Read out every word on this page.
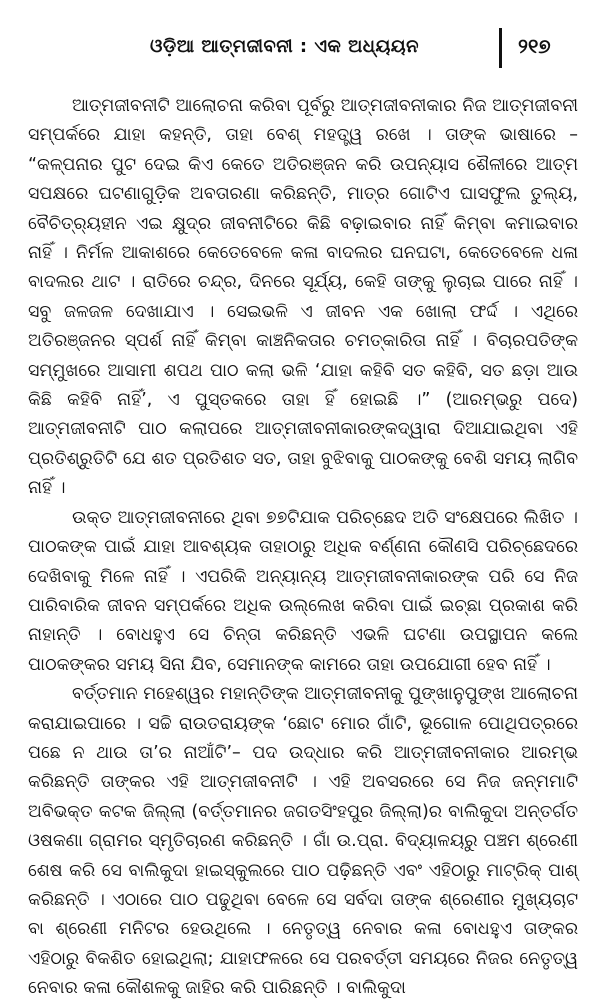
ଓଡ଼ିଆ ଆତ୍ମଜୀବନୀ : ଏକ ଅଧ୍ୟୟନ	୨୧୭

ଆତ୍ମଜୀବନୀଟି ଆଲୋଚନା କରିବା ପୂର୍ବରୁ ଆତ୍ମଜୀବନୀକାର ନିଜ ଆତ୍ମଜୀବନୀ ସମ୍ପର୍କରେ ଯାହା କହନ୍ତି, ତାହା ବେଶ୍ ମହତ୍ତ୍ୱ ରଖେ । ତାଙ୍କ ଭାଷାରେ – “କଳ୍ପନାର ପୁଟ ଦେଇ କିଏ କେତେ ଅତିରଞ୍ଜନ କରି ଉପନ୍ୟାସ ଶୈଳୀରେ ଆତ୍ମ ସପକ୍ଷରେ ଘଟଣାଗୁଡ଼ିକ ଅବତାରଣା କରିଛନ୍ତି, ମାତ୍ର ଗୋଟିଏ ଘାସଫୁଲ ତୁଲ୍ୟ, ବୈଚିତ୍ର୍ୟହୀନ ଏଇ କ୍ଷୁଦ୍ର ଜୀବନୀଟିରେ କିଛି ବଢ଼ାଇବାର ନାହିଁ କିମ୍ବା କମାଇବାର ନାହିଁ । ନିର୍ମଳ ଆକାଶରେ କେତେବେଳେ କଳା ବାଦଲର ଘନଘଟା, କେତେବେଳେ ଧଳା ବାଦଲର ଥାଟ । ରାତିରେ ଚନ୍ଦ୍ର, ଦିନରେ ସୂର୍ଯ୍ୟ, କେହି ତାଙ୍କୁ ଲୁଚାଇ ପାରେ ନାହିଁ । ସବୁ ଜଳଜଳ ଦେଖାଯାଏ । ସେଇଭଳି ଏ ଜୀବନ ଏକ ଖୋଲା ଫର୍ଦ୍ଦ । ଏଥିରେ ଅତିରଞ୍ଜନର ସ୍ପର୍ଶ ନାହିଁ କିମ୍ବା କାଞ୍ଚନିକତାର ଚମତ୍କାରିତା ନାହିଁ । ବିଚାରପତିଙ୍କ ସମ୍ମୁଖରେ ଆସାମୀ ଶପଥ ପାଠ କଲା ଭଳି ‘ଯାହା କହିବି ସତ କହିବି, ସତ ଛଡ଼ା ଆଉ କିଛି କହିବି ନାହିଁ’, ଏ ପୁସ୍ତକରେ ତାହା ହିଁ ହୋଇଛି ।” (ଆରମ୍ଭରୁ ପଦେ) ଆତ୍ମଜୀବନୀଟି ପାଠ କଲାପରେ ଆତ୍ମଜୀବନୀକାରଙ୍କଦ୍ୱାରା ଦିଆଯାଇଥିବା ଏହି ପ୍ରତିଶ୍ରୁତିଟି ଯେ ଶତ ପ୍ରତିଶତ ସତ, ତାହା ବୁଝିବାକୁ ପାଠକଙ୍କୁ ବେଶି ସମୟ ଲାଗିବ ନାହିଁ ।

ଉକ୍ତ ଆତ୍ମଜୀବନୀରେ ଥିବା ୭୭ଟିଯାକ ପରିଚ୍ଛେଦ ଅତି ସଂକ୍ଷେପରେ ଲିଖିତ । ପାଠକଙ୍କ ପାଇଁ ଯାହା ଆବଶ୍ୟକ ତାହାଠାରୁ ଅଧିକ ବର୍ଣ୍ଣନା କୌଣସି ପରିଚ୍ଛେଦରେ ଦେଖିବାକୁ ମିଳେ ନାହିଁ । ଏପରିକି ଅନ୍ୟାନ୍ୟ ଆତ୍ମଜୀବନୀକାରଙ୍କ ପରି ସେ ନିଜ ପାରିବାରିକ ଜୀବନ ସମ୍ପର୍କରେ ଅଧିକ ଉଲ୍ଲେଖ କରିବା ପାଇଁ ଇଚ୍ଛା ପ୍ରକାଶ କରି ନାହାନ୍ତି । ବୋଧହୁଏ ସେ ଚିନ୍ତା କରିଛନ୍ତି ଏଭଳି ଘଟଣା ଉପସ୍ଥାପନ କଲେ ପାଠକଙ୍କର ସମୟ ସିନା ଯିବ, ସେମାନଙ୍କ କାମରେ ତାହା ଉପଯୋଗୀ ହେବ ନାହିଁ ।

ବର୍ତ୍ତମାନ ମହେଶ୍ୱର ମହାନ୍ତିଙ୍କ ଆତ୍ମଜୀବନୀକୁ ପୁଙ୍ଖାନୁପୁଙ୍ଖ ଆଲୋଚନା କରାଯାଇପାରେ । ସଚ୍ଚି ରାଉତରାୟଙ୍କ ‘ଛୋଟ ମୋର ଗାଁଟି, ଭୂଗୋଳ ପୋଥିପତ୍ରରେ ପଛେ ନ ଥାଉ ତା’ର ନାଆଁଟି’– ପଦ ଉଦ୍ଧାର କରି ଆତ୍ମଜୀବନୀକାର ଆରମ୍ଭ କରିଛନ୍ତି ତାଙ୍କର ଏହି ଆତ୍ମଜୀବନୀଟି । ଏହି ଅବସରରେ ସେ ନିଜ ଜନ୍ମମାଟି ଅବିଭକ୍ତ କଟକ ଜିଲ୍ଲା (ବର୍ତ୍ତମାନର ଜଗତସିଂହପୁର ଜିଲ୍ଲା)ର ବାଲିକୁଦା ଅନ୍ତର୍ଗତ ଓଷକଣା ଗ୍ରାମର ସ୍ମୃତିଚାରଣ କରିଛନ୍ତି । ଗାଁ ଉ.ପ୍ରା. ବିଦ୍ୟାଳୟରୁ ପଞ୍ଚମ ଶ୍ରେଣୀ ଶେଷ କରି ସେ ବାଲିକୁଦା ହାଇସ୍କୁଲରେ ପାଠ ପଢ଼ିଛନ୍ତି ଏବଂ ଏହିଠାରୁ ମାଟ୍ରିକ୍ ପାଶ୍ କରିଛନ୍ତି । ଏଠାରେ ପାଠ ପଢୁଥିବା ବେଳେ ସେ ସର୍ବଦା ତାଙ୍କ ଶ୍ରେଣୀର ମୁଖ୍ୟଚାଟ ବା ଶ୍ରେଣୀ ମନିଟର ହେଉଥିଲେ । ନେତୃତ୍ୱ ନେବାର କଳା ବୋଧହୁଏ ତାଙ୍କର ଏହିଠାରୁ ବିକଶିତ ହୋଇଥିଲା; ଯାହାଫଳରେ ସେ ପରବର୍ତ୍ତୀ ସମୟରେ ନିଜର ନେତୃତ୍ୱ ନେବାର କଳା କୌଶଳକୁ ଜାହିର କରି ପାରିଛନ୍ତି । ବାଲିକୁଦା
